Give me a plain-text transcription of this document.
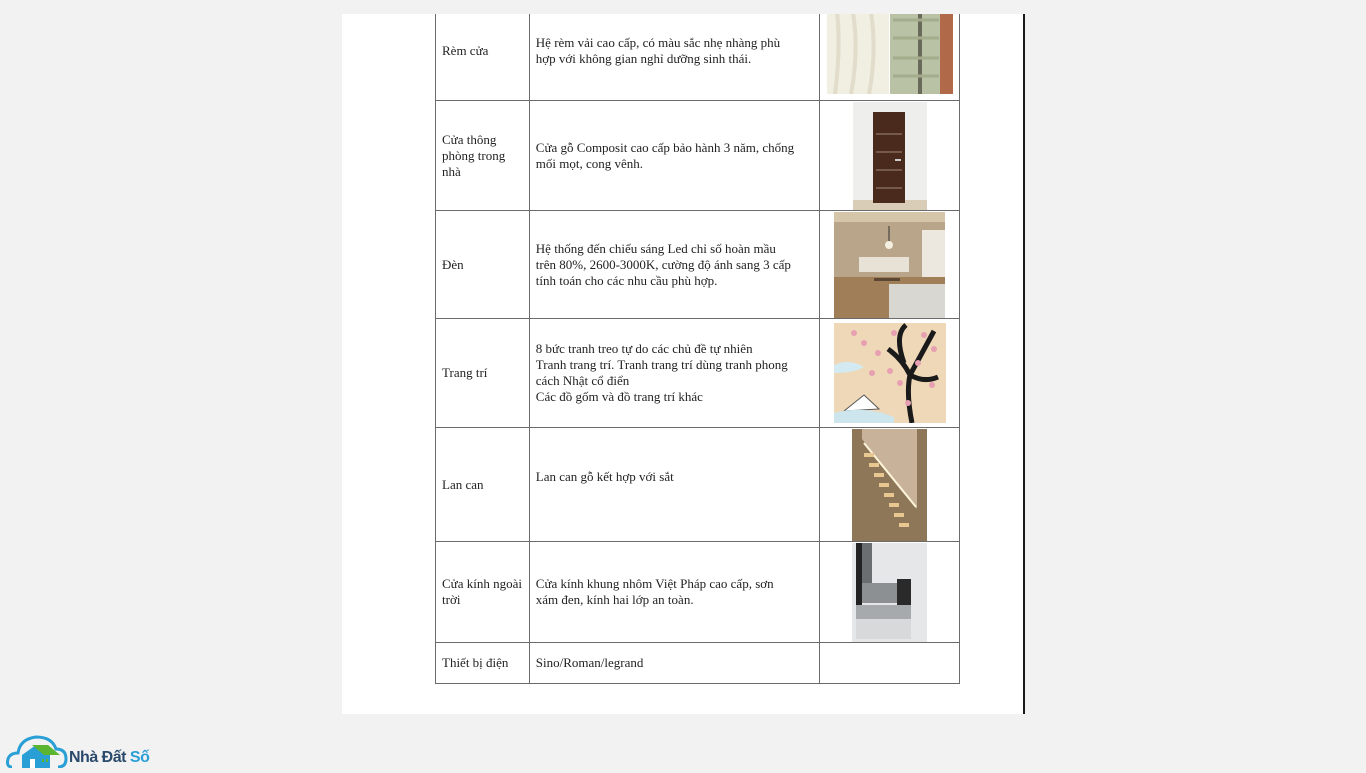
Rèm cửa	Hệ rèm vải cao cấp, có màu sắc nhẹ nhàng phù
hợp với không gian nghỉ dưỡng sinh thái.

Cửa thông phòng trong nhà	Cửa gỗ Composit cao cấp bảo hành 3 năm, chống
mối mọt, cong vênh.

Đèn	Hệ thống đến chiếu sáng Led chỉ số hoàn mầu
trên 80%, 2600-3000K, cường độ ánh sang 3 cấp
tính toán cho các nhu cầu phù hợp.

Trang trí	8 bức tranh treo tự do các chủ đề tự nhiên
Tranh trang trí. Tranh trang trí dùng tranh phong
cách Nhật cổ điển
Các đồ gốm và đồ trang trí khác

Lan can	Lan can gỗ kết hợp với sắt

Cửa kính ngoài trời	Cửa kính khung nhôm Việt Pháp cao cấp, sơn
xám đen, kính hai lớp an toàn.

Thiết bị điện	Sino/Roman/legrand	

Nhà Đất Số
